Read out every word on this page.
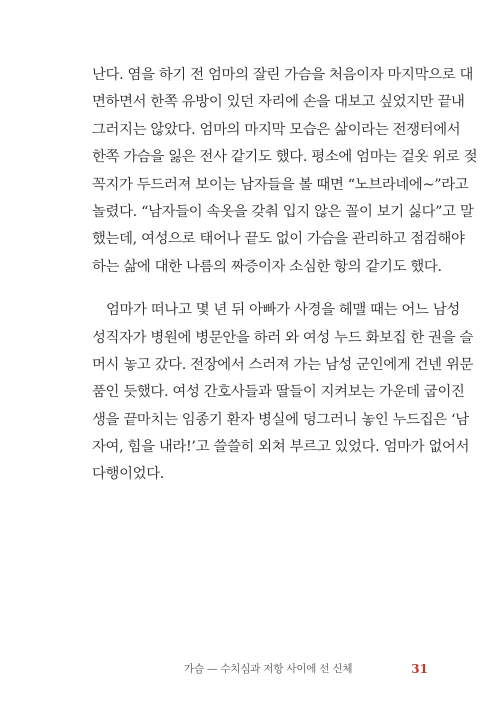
난다. 염을 하기 전 엄마의 잘린 가슴을 처음이자 마지막으로 대
면하면서 한쪽 유방이 있던 자리에 손을 대보고 싶었지만 끝내
그러지는 않았다. 엄마의 마지막 모습은 삶이라는 전쟁터에서
한쪽 가슴을 잃은 전사 같기도 했다. 평소에 엄마는 겉옷 위로 젖
꼭지가 두드러져 보이는 남자들을 볼 때면 “노브라네에~”라고
놀렸다. “남자들이 속옷을 갖춰 입지 않은 꼴이 보기 싫다”고 말
했는데, 여성으로 태어나 끝도 없이 가슴을 관리하고 점검해야
하는 삶에 대한 나름의 짜증이자 소심한 항의 같기도 했다.
엄마가 떠나고 몇 년 뒤 아빠가 사경을 헤맬 때는 어느 남성
성직자가 병원에 병문안을 하러 와 여성 누드 화보집 한 권을 슬
머시 놓고 갔다. 전장에서 스러져 가는 남성 군인에게 건넨 위문
품인 듯했다. 여성 간호사들과 딸들이 지켜보는 가운데 굽이진
생을 끝마치는 임종기 환자 병실에 덩그러니 놓인 누드집은 ‘남
자여, 힘을 내라!’고 쓸쓸히 외쳐 부르고 있었다. 엄마가 없어서
다행이었다.
가슴 — 수치심과 저항 사이에 선 신체	31
